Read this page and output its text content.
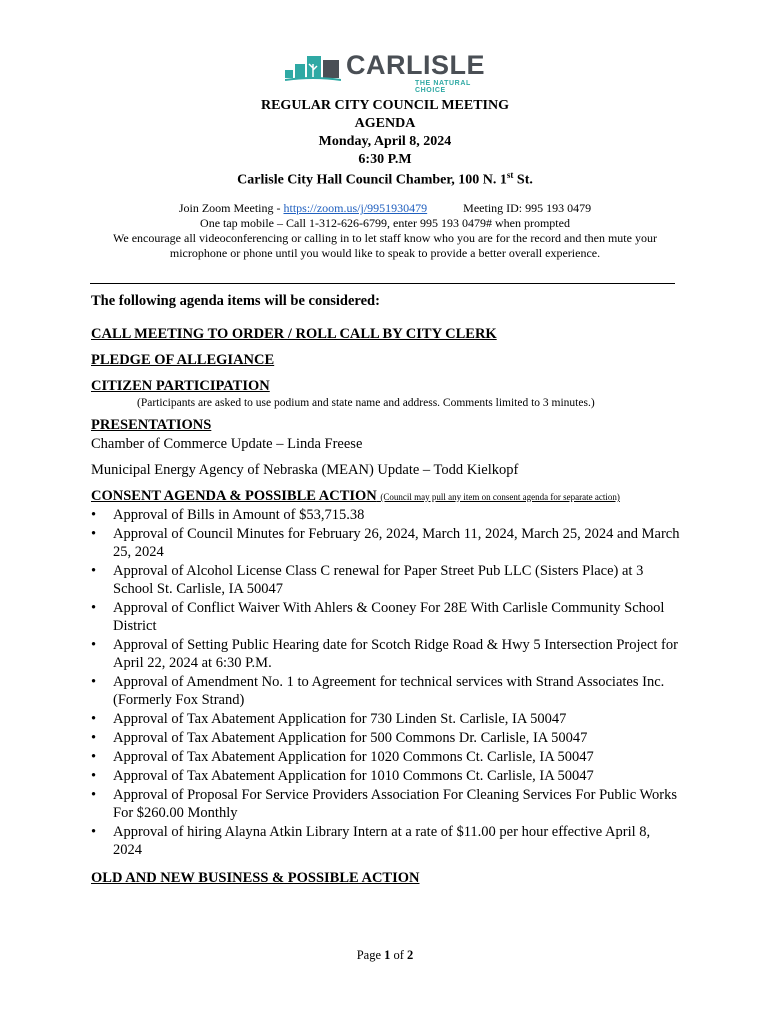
CARLISLE
THE NATURAL CHOICE
REGULAR CITY COUNCIL MEETING
AGENDA
Monday, April 8, 2024
6:30 P.M
Carlisle City Hall Council Chamber, 100 N. 1st St.
Join Zoom Meeting - https://zoom.us/j/9951930479	Meeting ID: 995 193 0479
One tap mobile – Call 1-312-626-6799, enter 995 193 0479# when prompted
We encourage all videoconferencing or calling in to let staff know who you are for the record and then mute your
microphone or phone until you would like to speak to provide a better overall experience.
The following agenda items will be considered:
CALL MEETING TO ORDER / ROLL CALL BY CITY CLERK
PLEDGE OF ALLEGIANCE
CITIZEN PARTICIPATION
(Participants are asked to use podium and state name and address. Comments limited to 3 minutes.)
PRESENTATIONS
Chamber of Commerce Update – Linda Freese
Municipal Energy Agency of Nebraska (MEAN) Update – Todd Kielkopf
CONSENT AGENDA & POSSIBLE ACTION (Council may pull any item on consent agenda for separate action)
• Approval of Bills in Amount of $53,715.38
• Approval of Council Minutes for February 26, 2024, March 11, 2024, March 25, 2024 and March 25, 2024
• Approval of Alcohol License Class C renewal for Paper Street Pub LLC (Sisters Place) at 3 School St. Carlisle, IA 50047
• Approval of Conflict Waiver With Ahlers & Cooney For 28E With Carlisle Community School District
• Approval of Setting Public Hearing date for Scotch Ridge Road & Hwy 5 Intersection Project for April 22, 2024 at 6:30 P.M.
• Approval of Amendment No. 1 to Agreement for technical services with Strand Associates Inc. (Formerly Fox Strand)
• Approval of Tax Abatement Application for 730 Linden St. Carlisle, IA 50047
• Approval of Tax Abatement Application for 500 Commons Dr. Carlisle, IA 50047
• Approval of Tax Abatement Application for 1020 Commons Ct. Carlisle, IA 50047
• Approval of Tax Abatement Application for 1010 Commons Ct. Carlisle, IA 50047
• Approval of Proposal For Service Providers Association For Cleaning Services For Public Works For $260.00 Monthly
• Approval of hiring Alayna Atkin Library Intern at a rate of $11.00 per hour effective April 8, 2024
OLD AND NEW BUSINESS & POSSIBLE ACTION
Page 1 of 2
